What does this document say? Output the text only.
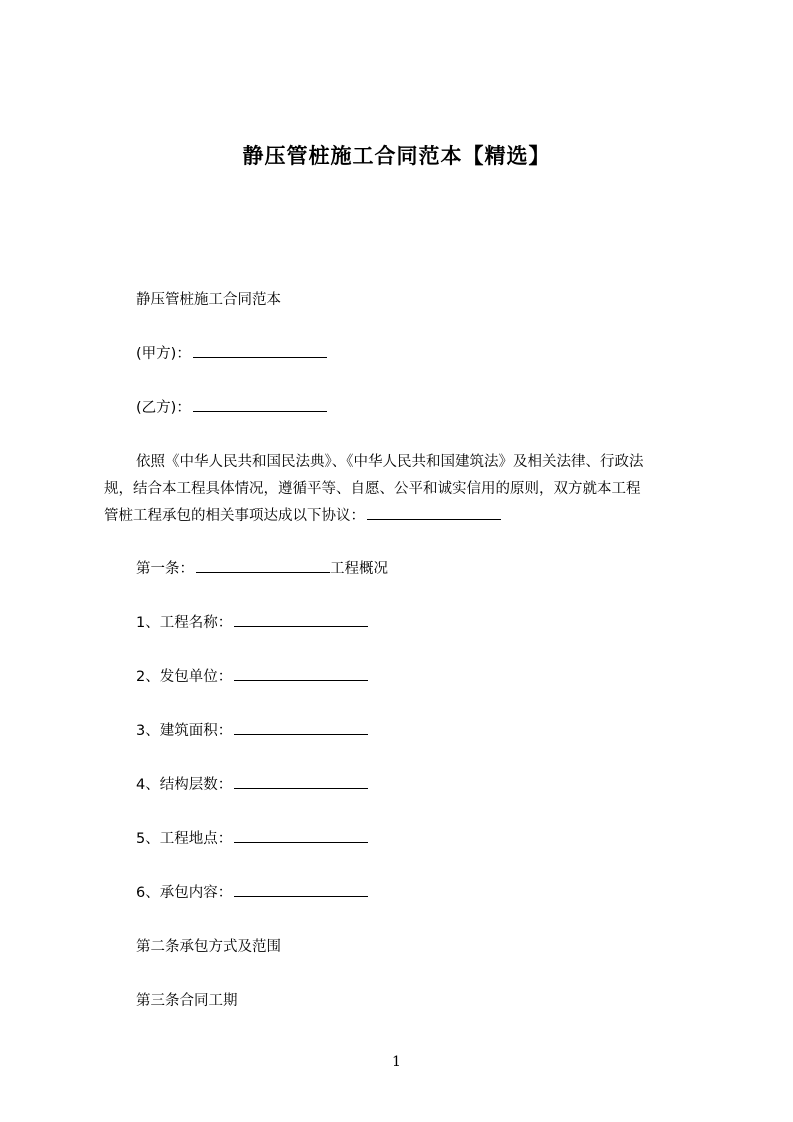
静压管桩施工合同范本【精选】
静压管桩施工合同范本
(甲方)：
(乙方)：
依照《中华人民共和国民法典》、《中华人民共和国建筑法》及相关法律、行政法
规，结合本工程具体情况，遵循平等、自愿、公平和诚实信用的原则，双方就本工程
管桩工程承包的相关事项达成以下协议：
第一条：	工程概况
1、工程名称：
2、发包单位：
3、建筑面积：
4、结构层数：
5、工程地点：
6、承包内容：
第二条承包方式及范围
第三条合同工期
1
